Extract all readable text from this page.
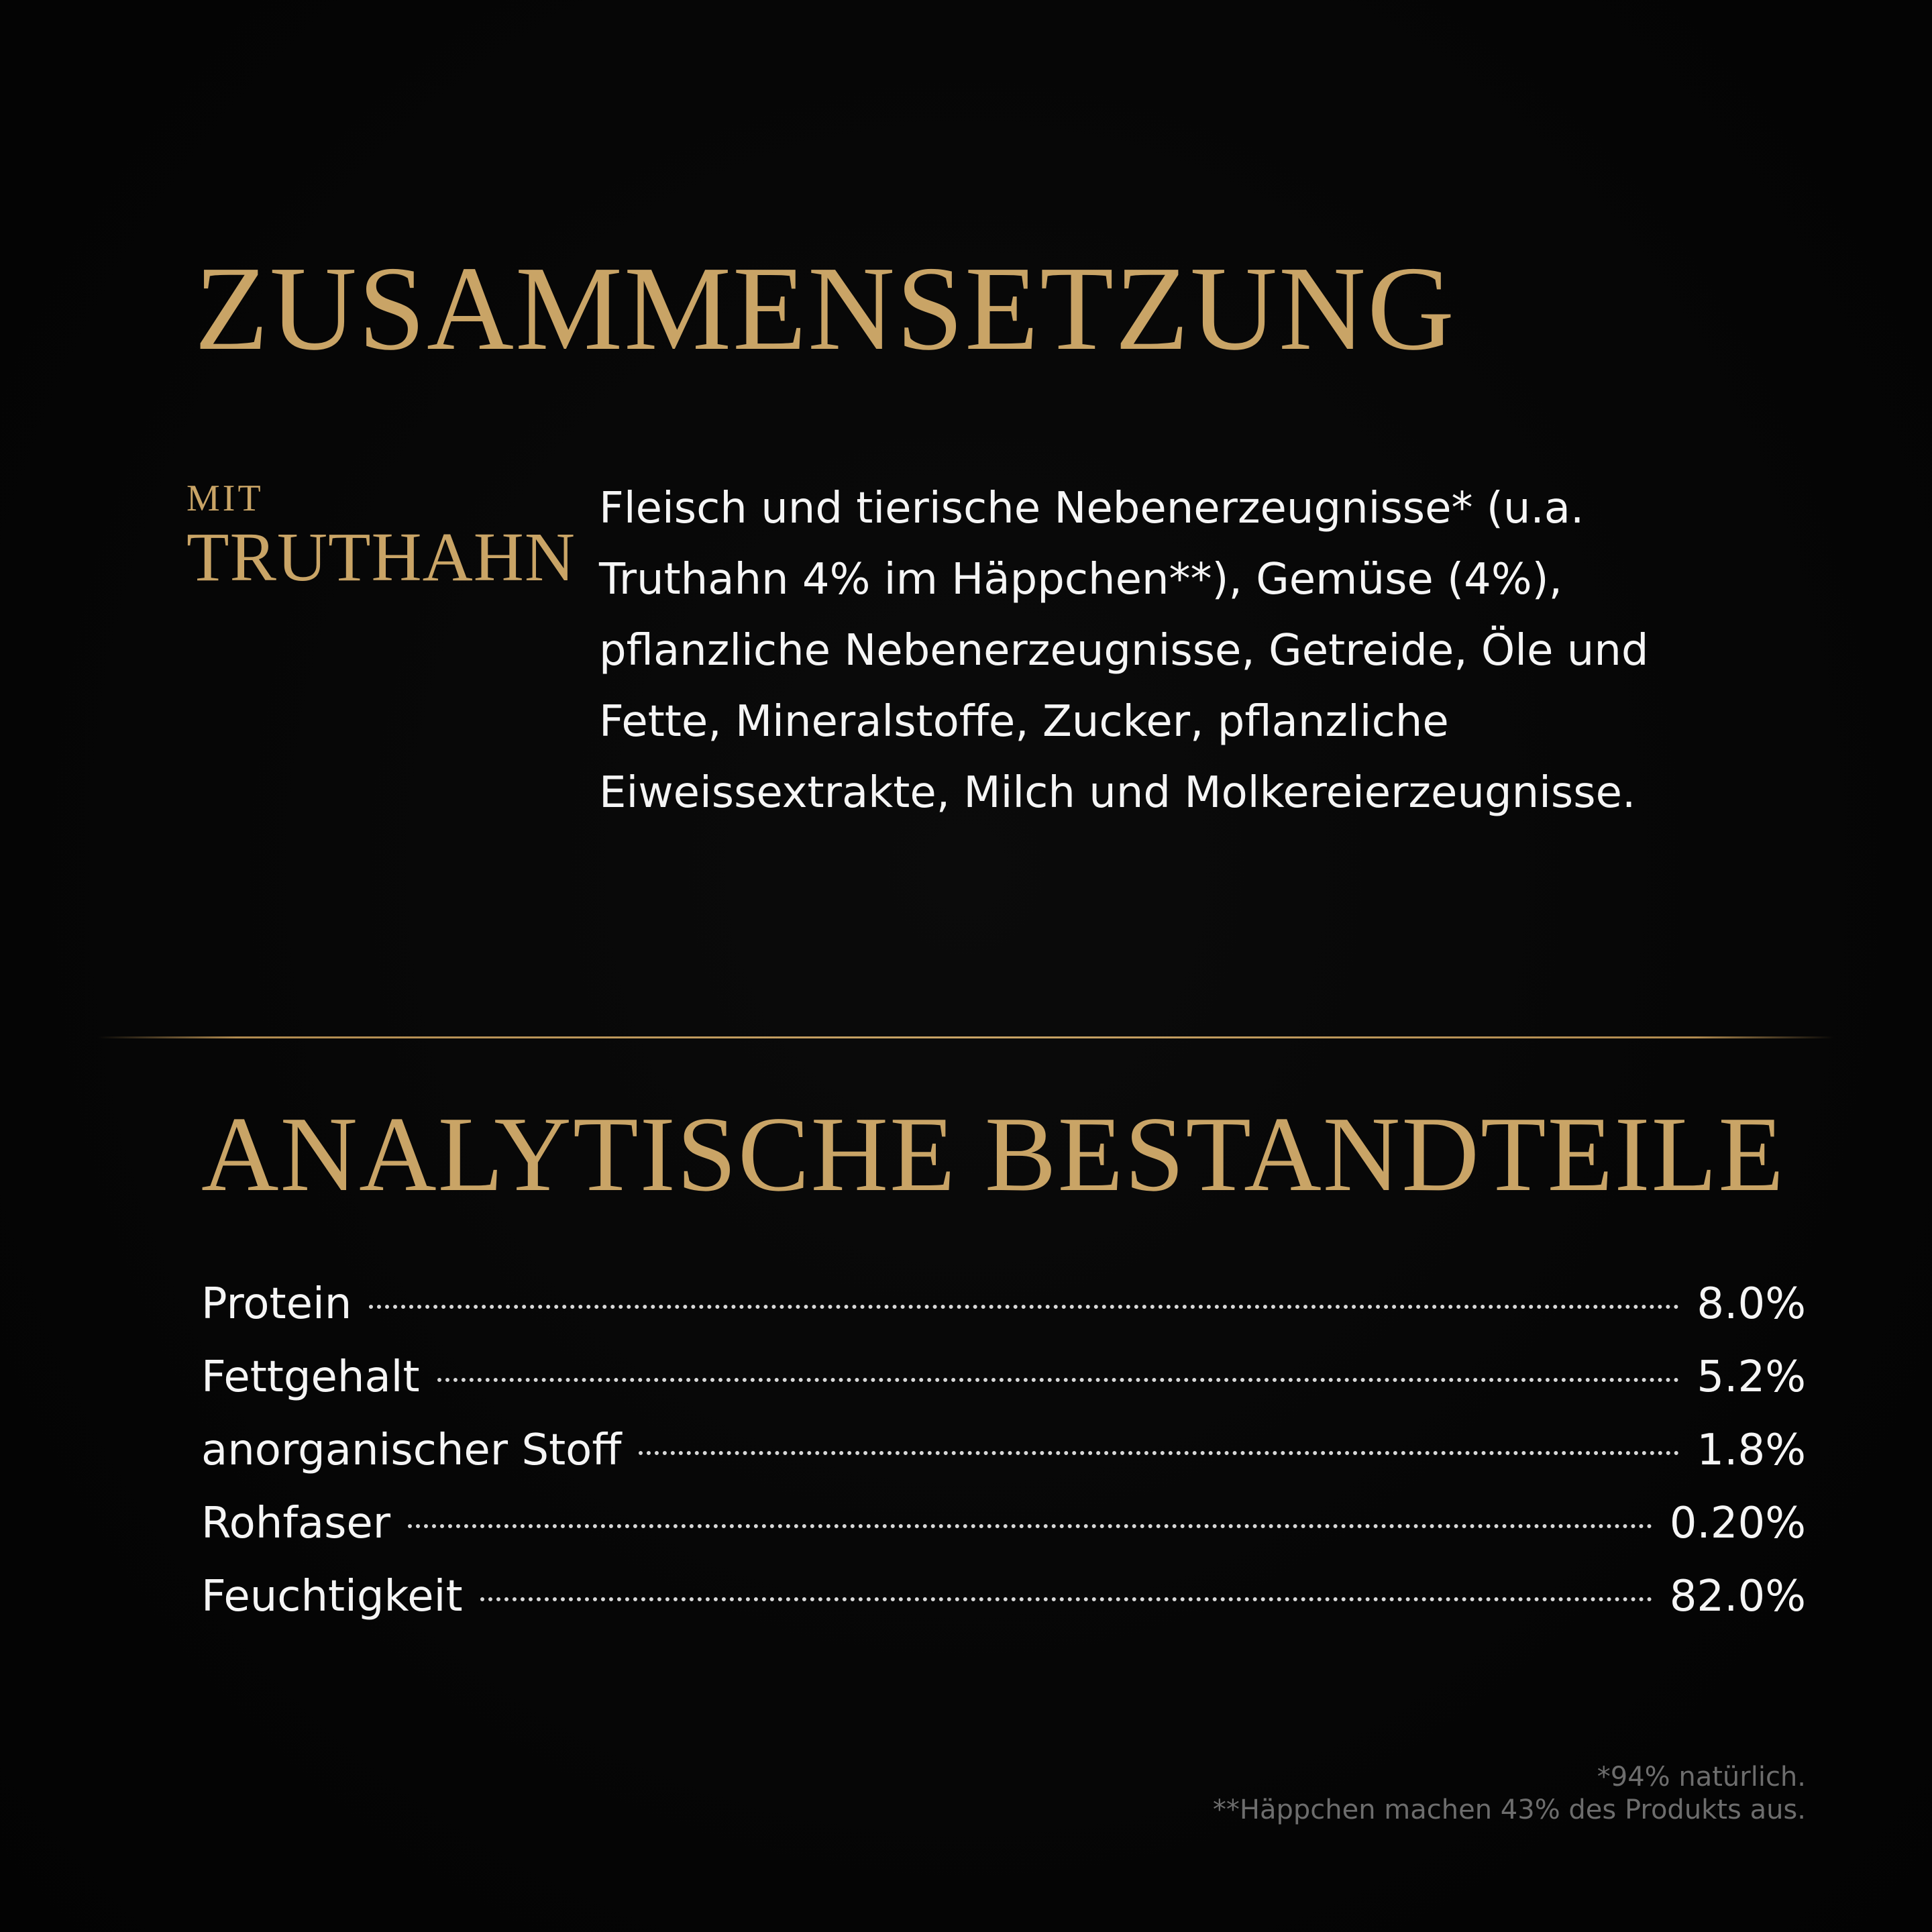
ZUSAMMENSETZUNG
MIT
TRUTHAHN

Fleisch und tierische Nebenerzeugnisse* (u.a.
Truthahn 4% im Häppchen**), Gemüse (4%),
pflanzliche Nebenerzeugnisse, Getreide, Öle und
Fette, Mineralstoffe, Zucker, pflanzliche
Eiweissextrakte, Milch und Molkereierzeugnisse.

ANALYTISCHE BESTANDTEILE
Protein	8.0%
Fettgehalt	5.2%
anorganischer Stoff	1.8%
Rohfaser	0.20%
Feuchtigkeit	82.0%
*94% natürlich.
**Häppchen machen 43% des Produkts aus.
